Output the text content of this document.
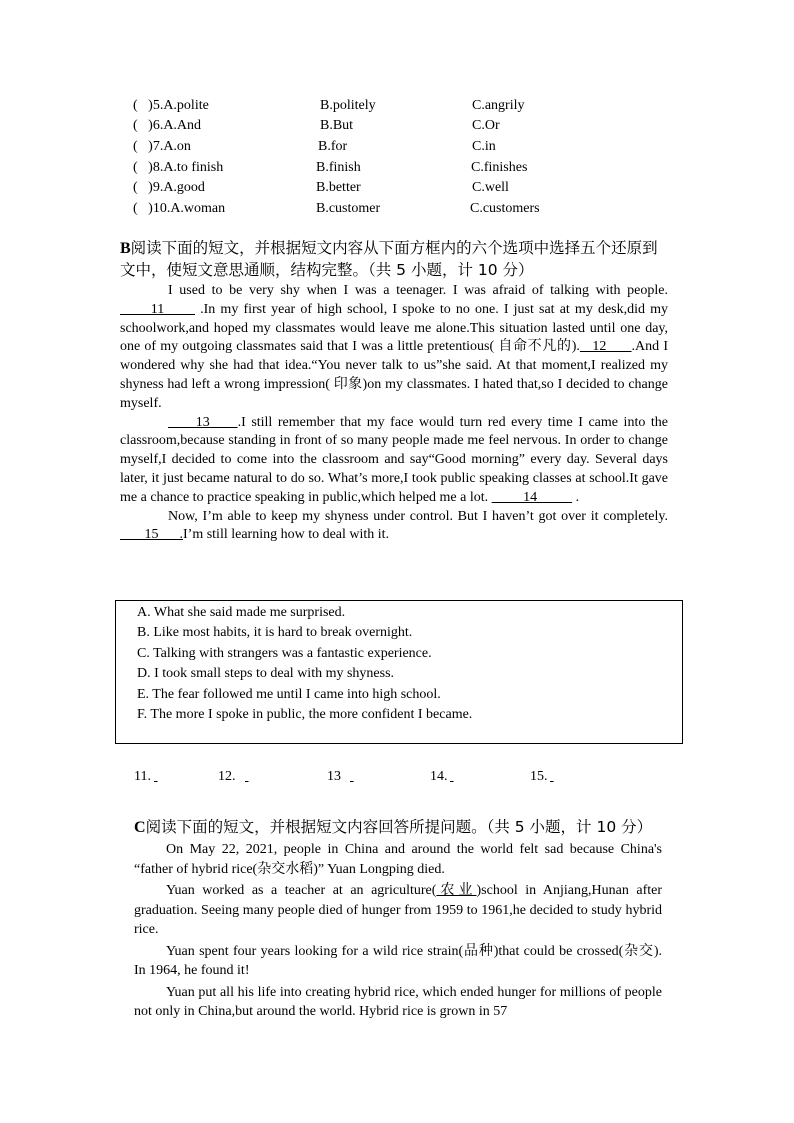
(   )5.A.polite	B.politely	C.angrily
(   )6.A.And	B.But	C.Or
(   )7.A.on	B.for	C.in
(   )8.A.to finish	B.finish	C.finishes
(   )9.A.good	B.better	C.well
(   )10.A.woman	B.customer	C.customers
B阅读下面的短文，并根据短文内容从下面方框内的六个选项中选择五个还原到
文中，使短文意思通顺，结构完整。（共 5 小题，计 10 分）

I used to be very shy when I was a teenager. I was afraid of talking with people.       11       .In my first year of high school, I spoke to no one. I just sat at my desk,did my schoolwork,and hoped my classmates would leave me alone.This situation lasted until one day, one of my outgoing classmates said that I was a little pretentious( 自命不凡的).   12      .And I wondered why she had that idea.“You never talk to us”she said. At that moment,I realized my shyness had left a wrong impression( 印象)on my classmates. I hated that,so I decided to change myself.

13     .I still remember that my face would turn red every time I came into the classroom,because standing in front of so many people made me feel nervous. In order to change myself,I decided to come into the classroom and say“Good morning” every day. Several days later, it just became natural to do so. What’s more,I took public speaking classes at school.It gave me a chance to practice speaking in public,which helped me a lot.          14           .

Now, I’m able to keep my shyness under control. But I haven’t got over it completely.        15      .I’m still learning how to deal with it.

A. What she said made me surprised.
B. Like most habits, it is hard to break overnight.
C. Talking with strangers was a fantastic experience.
D. I took small steps to deal with my shyness.
E. The fear followed me until I came into high school.
F. The more I spoke in public, the more confident I became.
11.
	12.
	13
	14.
	15.

C阅读下面的短文，并根据短文内容回答所提问题。（共 5 小题，计 10 分）

On May 22, 2021, people in China and around the world felt sad because China's “father of hybrid rice(杂交水稻)” Yuan Longping died.

Yuan worked as a teacher at an agriculture(农业)school in Anjiang,Hunan after graduation. Seeing many people died of hunger from 1959 to 1961,he decided to study hybrid rice.

Yuan spent four years looking for a wild rice strain(品种)that could be crossed(杂交). In 1964, he found it!

Yuan put all his life into creating hybrid rice, which ended hunger for millions of people not only in China,but around the world. Hybrid rice is grown in 57
